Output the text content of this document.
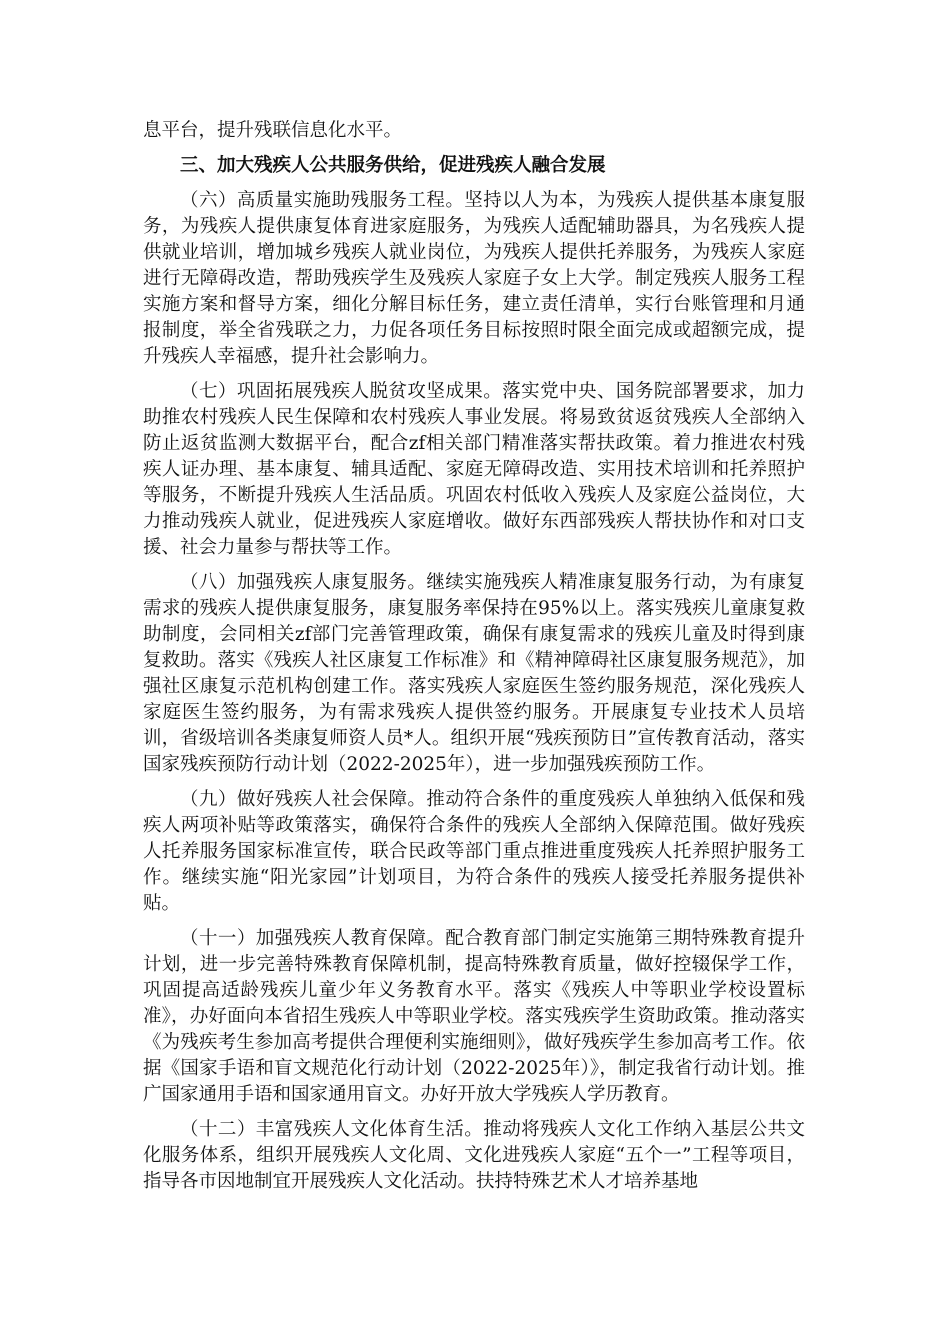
息平台，提升残联信息化水平。

三、加大残疾人公共服务供给，促进残疾人融合发展

（六）高质量实施助残服务工程。坚持以人为本，为残疾人提供基本康复服务，为残疾人提供康复体育进家庭服务，为残疾人适配辅助器具，为名残疾人提供就业培训，增加城乡残疾人就业岗位，为残疾人提供托养服务，为残疾人家庭进行无障碍改造，帮助残疾学生及残疾人家庭子女上大学。制定残疾人服务工程实施方案和督导方案，细化分解目标任务，建立责任清单，实行台账管理和月通报制度，举全省残联之力，力促各项任务目标按照时限全面完成或超额完成，提升残疾人幸福感，提升社会影响力。

（七）巩固拓展残疾人脱贫攻坚成果。落实党中央、国务院部署要求，加力助推农村残疾人民生保障和农村残疾人事业发展。将易致贫返贫残疾人全部纳入防止返贫监测大数据平台，配合zf相关部门精准落实帮扶政策。着力推进农村残疾人证办理、基本康复、辅具适配、家庭无障碍改造、实用技术培训和托养照护等服务，不断提升残疾人生活品质。巩固农村低收入残疾人及家庭公益岗位，大力推动残疾人就业，促进残疾人家庭增收。做好东西部残疾人帮扶协作和对口支援、社会力量参与帮扶等工作。

（八）加强残疾人康复服务。继续实施残疾人精准康复服务行动，为有康复需求的残疾人提供康复服务，康复服务率保持在95%以上。落实残疾儿童康复救助制度，会同相关zf部门完善管理政策，确保有康复需求的残疾儿童及时得到康复救助。落实《残疾人社区康复工作标准》和《精神障碍社区康复服务规范》，加强社区康复示范机构创建工作。落实残疾人家庭医生签约服务规范，深化残疾人家庭医生签约服务，为有需求残疾人提供签约服务。开展康复专业技术人员培训，省级培训各类康复师资人员*人。组织开展“残疾预防日”宣传教育活动，落实国家残疾预防行动计划（2022-2025年），进一步加强残疾预防工作。

（九）做好残疾人社会保障。推动符合条件的重度残疾人单独纳入低保和残疾人两项补贴等政策落实，确保符合条件的残疾人全部纳入保障范围。做好残疾人托养服务国家标准宣传，联合民政等部门重点推进重度残疾人托养照护服务工作。继续实施“阳光家园”计划项目，为符合条件的残疾人接受托养服务提供补贴。

（十一）加强残疾人教育保障。配合教育部门制定实施第三期特殊教育提升计划，进一步完善特殊教育保障机制，提高特殊教育质量，做好控辍保学工作，巩固提高适龄残疾儿童少年义务教育水平。落实《残疾人中等职业学校设置标准》，办好面向本省招生残疾人中等职业学校。落实残疾学生资助政策。推动落实《为残疾考生参加高考提供合理便利实施细则》，做好残疾学生参加高考工作。依据《国家手语和盲文规范化行动计划（2022-2025年）》，制定我省行动计划。推广国家通用手语和国家通用盲文。办好开放大学残疾人学历教育。

（十二）丰富残疾人文化体育生活。推动将残疾人文化工作纳入基层公共文化服务体系，组织开展残疾人文化周、文化进残疾人家庭“五个一”工程等项目，指导各市因地制宜开展残疾人文化活动。扶持特殊艺术人才培养基地
